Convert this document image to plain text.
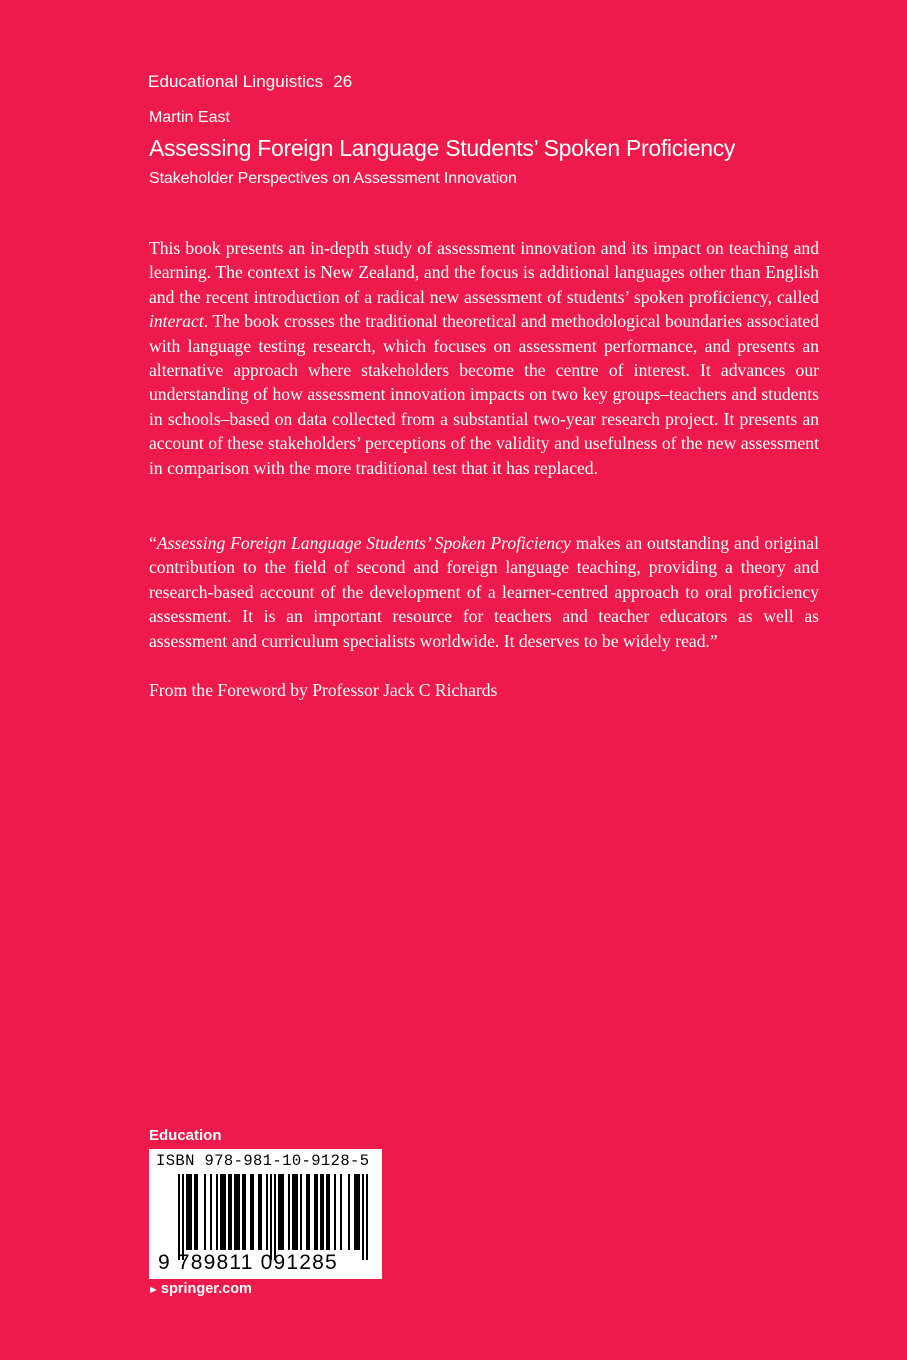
Educational Linguistics 26
Martin East
Assessing Foreign Language Students’ Spoken Proficiency
Stakeholder Perspectives on Assessment Innovation
This book presents an in-depth study of assessment innovation and its impact on teaching and learning. The context is New Zealand, and the focus is additional languages other than English and the recent introduction of a radical new assessment of students’ spoken proficiency, called interact. The book crosses the traditional theoretical and methodological boundaries associated with language testing research, which focuses on assessment performance, and presents an alternative approach where stakeholders become the centre of interest. It advances our understanding of how assessment innovation impacts on two key groups–teachers and students in schools–based on data collected from a substantial two-year research project. It presents an account of these stakeholders’ perceptions of the validity and usefulness of the new assessment in comparison with the more traditional test that it has replaced.
“Assessing Foreign Language Students’ Spoken Proficiency makes an outstanding and original contribution to the field of second and foreign language teaching, providing a theory and research-based account of the development of a learner-centred approach to oral proficiency assessment. It is an important resource for teachers and teacher educators as well as assessment and curriculum specialists worldwide. It deserves to be widely read.”
From the Foreword by Professor Jack C Richards
Education
ISBN 978-981-10-9128-5
9 789811 091285
► springer.com
